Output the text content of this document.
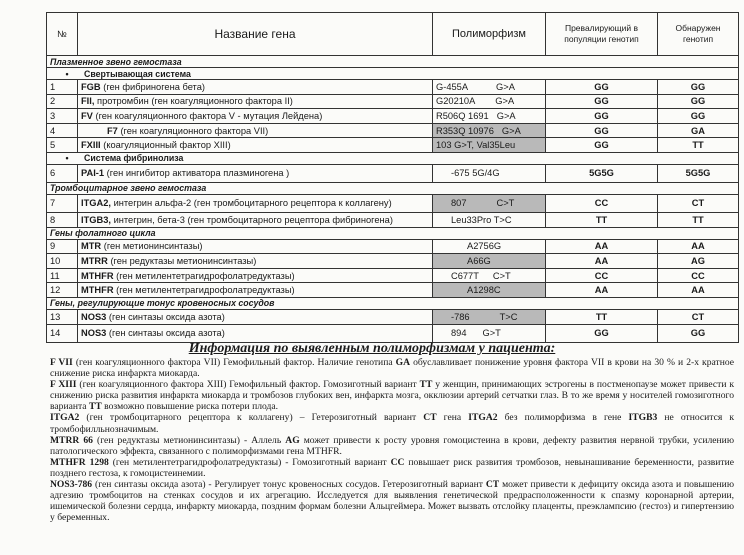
№	Название гена	Полиморфизм	Превалирующий в популяции генотип	Обнаружен генотип
Плазменное звено гемостаза				
• Свертывающая система				
1	FGB (ген фибриногена бета)	G-455A G>A	GG	GG
2	FII, протромбин (ген коагуляционного фактора II)	G20210A G>A	GG	GG
3	FV (ген коагуляционного фактора V - мутация Лейдена)	R506Q 1691 G>A	GG	GG
4	F7 (ген коагуляционного фактора VII)	R353Q 10976 G>A	GG	GA
5	FXIII (коагуляционный фактор XIII)	103 G>T, Val35Leu	GG	TT
• Система фибринолиза				
6	PAI-1 (ген ингибитор активатора плазминогена )	-675 5G/4G	5G5G	5G5G
Тромбоцитарное звено гемостаза				
7	ITGA2, интегрин альфа-2 (ген тромбоцитарного рецептора к коллагену)	807 C>T	CC	CT
8	ITGB3, интегрин, бета-3 (ген тромбоцитарного рецептора фибриногена)	Leu33Pro T>C	TT	TT
Гены фолатного цикла				
9	MTR (ген метионинсинтазы)	A2756G	AA	AA
10	MTRR (ген редуктазы метионинсинтазы)	A66G	AA	AG
11	MTHFR (ген метилентетрагидрофолатредуктазы)	C677T C>T	CC	CC
12	MTHFR (ген метилентетрагидрофолатредуктазы)	A1298C	AA	AA
Гены, регулирующие тонус кровеносных сосудов				
13	NOS3 (ген синтазы оксида азота)	-786 T>C	TT	CT
14	NOS3 (ген синтазы оксида азота)	894 G>T	GG	GG
Информация по выявленным полиморфизмам у пациента:

F VII (ген коагуляционного фактора VII) Гемофильный фактор. Наличие генотипа GA обуславливает понижение уровня фактора VII в крови на 30 % и 2-х кратное снижение риска инфаркта миокарда.

F XIII (ген коагуляционного фактора XIII) Гемофильный фактор. Гомозиготный вариант TT у женщин, принимающих эстрогены в постменопаузе может привести к снижению риска развития инфаркта миокарда и тромбозов глубоких вен, инфаркта мозга, окклюзии артерий сетчатки глаз. В то же время у носителей гомозиготного варианта TT возможно повышение риска потери плода.

ITGA2 (ген тромбоцитарного рецептора к коллагену) – Гетерозиготный вариант CT гена ITGA2 без полиморфизма в гене ITGB3 не относится к тромбофилльнозначимым.

MTRR 66 (ген редуктазы метионинсинтазы) - Аллель AG может привести к росту уровня гомоцистеина в крови, дефекту развития нервной трубки, усилению патологического эффекта, связанного с полиморфизмами гена MTHFR.

MTHFR 1298 (ген метилентетрагидрофолатредуктазы) - Гомозиготный вариант CC повышает риск развития тромбозов, невынашивание беременности, развитие позднего гестоза, к гомоцистеинемии.

NOS3-786 (ген синтазы оксида азота) - Регулирует тонус кровеносных сосудов. Гетерозиготный вариант CT может привести к дефициту оксида азота и повышению адгезию тромбоцитов на стенках сосудов и их агрегацию. Исследуется для выявления генетической предрасположенности к спазму коронарной артерии, ишемической болезни сердца, инфаркту миокарда, поздним формам болезни Альцгеймера. Может вызвать отслойку плаценты, преэклампсию (гестоз) и гипертензию у беременных.
